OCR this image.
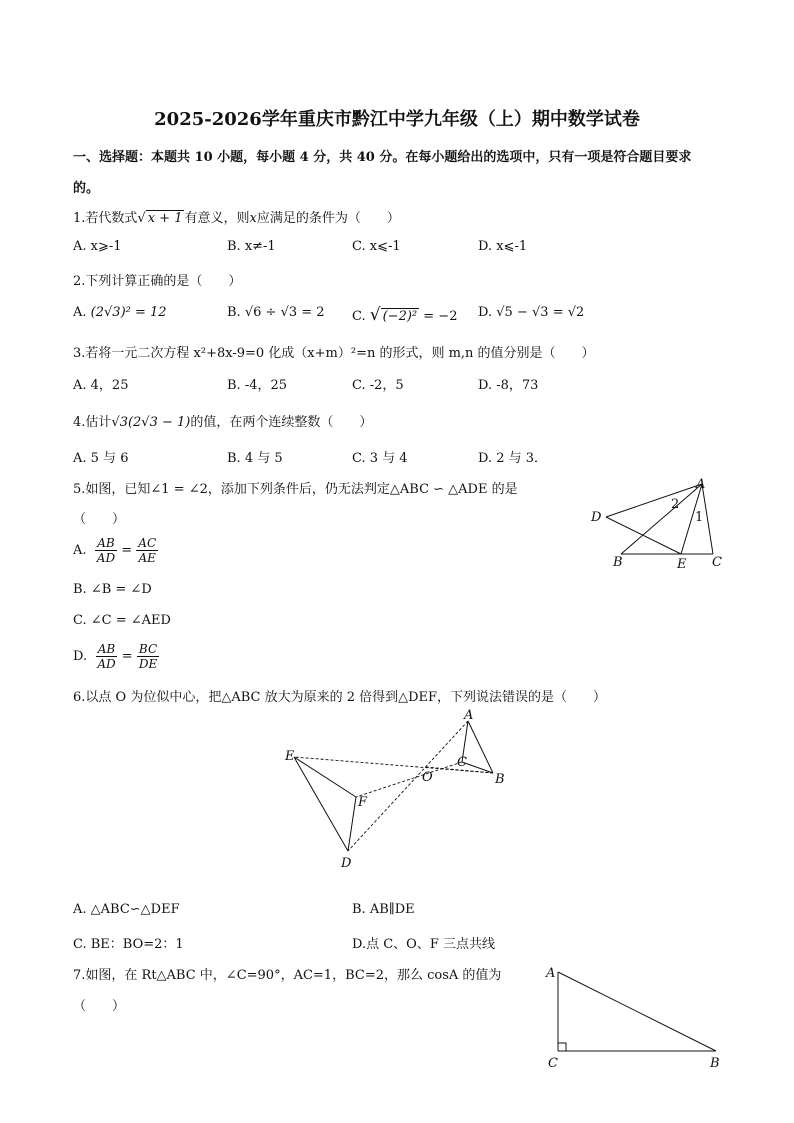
2025-2026学年重庆市黔江中学九年级（上）期中数学试卷
一、选择题：本题共 10 小题，每小题 4 分，共 40 分。在每小题给出的选项中，只有一项是符合题目要求
的。
1.若代数式√ x + 1 有意义，则x应满足的条件为（　　）
A. x⩾-1	B. x≠-1	C. x⩽-1	D. x⩽-1
2.下列计算正确的是（　　）
A. (2√3)² = 12	B. √6 ÷ √3 = 2 C. √ (−2)² = −2 D. √5 − √3 = √2
3.若将一元二次方程 x²+8x-9=0 化成（x+m）²=n 的形式，则 m,n 的值分别是（　　）
A. 4，25	B. -4，25	C. -2，5	D. -8，73
4.估计√3(2√3 − 1)的值，在两个连续整数（　　）
A. 5 与 6	B. 4 与 5	C. 3 与 4	D. 2 与 3．
5.如图，已知∠1 = ∠2，添加下列条件后，仍无法判定△ABC ∽ △ADE 的是
（　　）
A. $\frac{AB}{AD} = \frac{AC}{AE}$
B. ∠B = ∠D
C. ∠C = ∠AED
D. $\frac{AB}{AD} = \frac{BC}{DE}$
A
D
B	E C
1
2
6.以点 O 为位似中心，把△ABC 放大为原来的 2 倍得到△DEF，下列说法错误的是（　　）
A
B
C
O
E
F
D
A. △ABC∽△DEF	B. AB∥DE
C. BE：BO=2：1	D.点 C、O、F 三点共线
7.如图，在 Rt△ABC 中，∠C=90°，AC=1，BC=2，那么 cosA 的值为
（　　）
A
C	B
